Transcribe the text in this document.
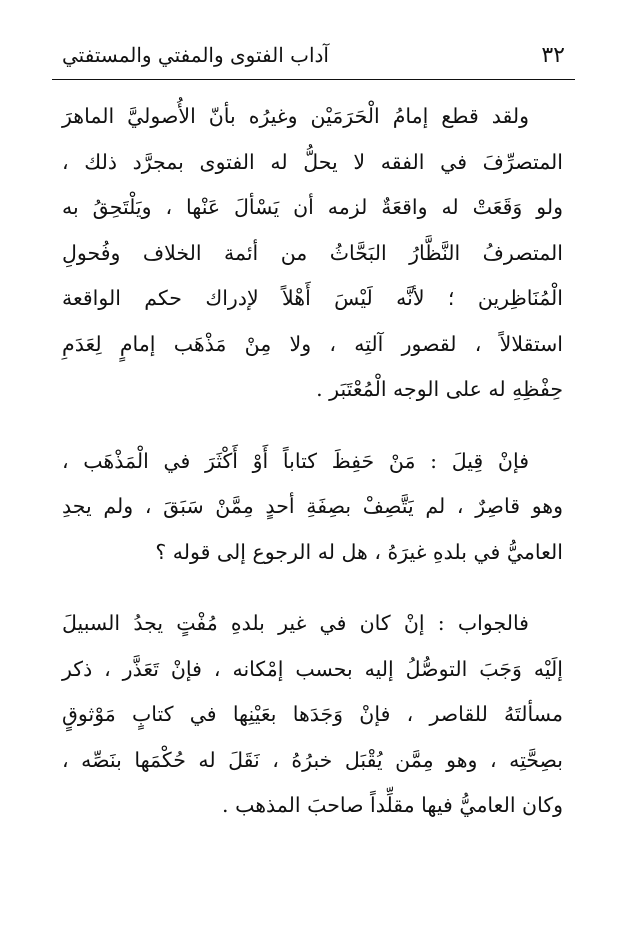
٣٢
آداب الفتوى والمفتي والمستفتي

ولقد قطع إمامُ الْحَرَمَيْن وغيرُه بأنّ الأُصوليَّ الماهرَ
المتصرِّفَ في الفقه لا يحلُّ له الفتوى بمجرَّد ذلك ،
ولو وَقَعَتْ له واقعَةٌ لزمه أن يَسْألَ عَنْها ، ويَلْتَحِقُ به
المتصرفُ النَّظَّارُ البَحَّاثُ من أئمة الخلاف وفُحولِ
الْمُنَاظِرين ؛ لأنَّه لَيْسَ أَهْلاً لإدراك حكم الواقعة
استقلالاً ، لقصور آلتِه ، ولا مِنْ مَذْهَب إمامٍ لِعَدَمِ
حِفْظِهِ له على الوجه الْمُعْتَبَر .

فإنْ قِيلَ : مَنْ حَفِظَ كتاباً أَوْ أَكْثَرَ في الْمَذْهَب ،
وهو قاصِرٌ ، لم يَتَّصِفْ بصِفَةِ أحدٍ مِمَّنْ سَبَقَ ، ولم يجدِ
العاميُّ في بلدهِ غيرَهُ ، هل له الرجوع إلى قوله ؟

فالجواب : إنْ كان في غير بلدهِ مُفْتٍ يجدُ السبيلَ
إلَيْه وَجَبَ التوصُّلُ إليه بحسب إمْكانه ، فإنْ تَعَذَّر ، ذكر
مسألتَهُ للقاصر ، فإنْ وَجَدَها بعَيْنِها في كتابٍ مَوْثوقٍ
بصِحَّتِه ، وهو مِمَّن يُقْبَل خبرُهُ ، نَقَلَ له حُكْمَها بنَصِّه ،
وكان العاميُّ فيها مقلِّداً صاحبَ المذهب .
